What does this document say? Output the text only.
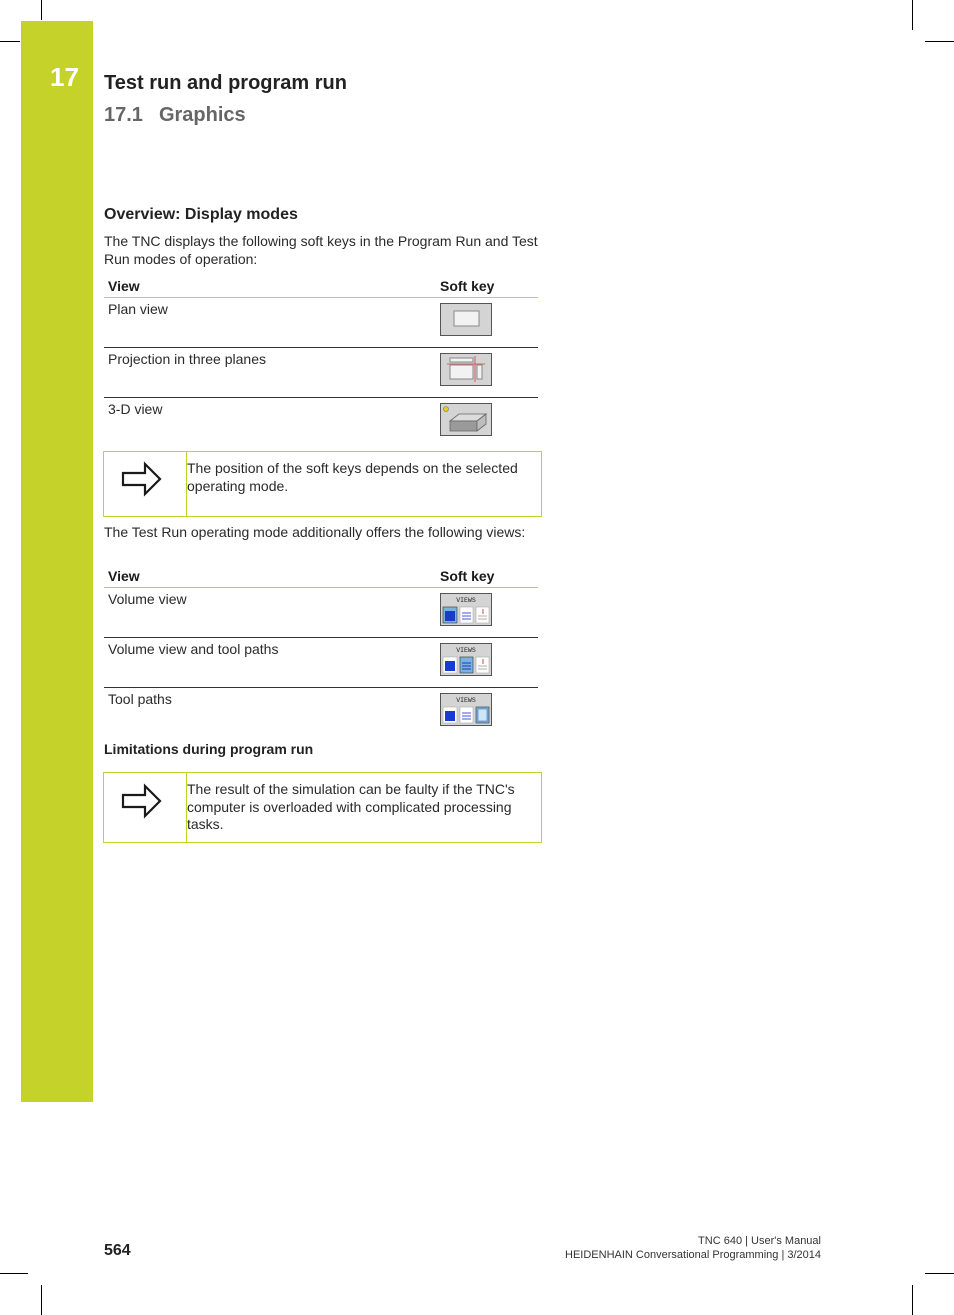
17 Test run and program run
17.1 Graphics
Overview: Display modes

The TNC displays the following soft keys in the Program Run and Test Run modes of operation:

View	Soft key
Plan view	

Projection in three planes	

3-D view	
The position of the soft keys depends on the selected operating mode.

The Test Run operating mode additionally offers the following views:

View	Soft key
Volume view	VIEWS

Volume view and tool paths	VIEWS

Tool paths	VIEWS
Limitations during program run
The result of the simulation can be faulty if the TNC's computer is overloaded with complicated processing tasks.
564
TNC 640 | User's Manual
HEIDENHAIN Conversational Programming | 3/2014
